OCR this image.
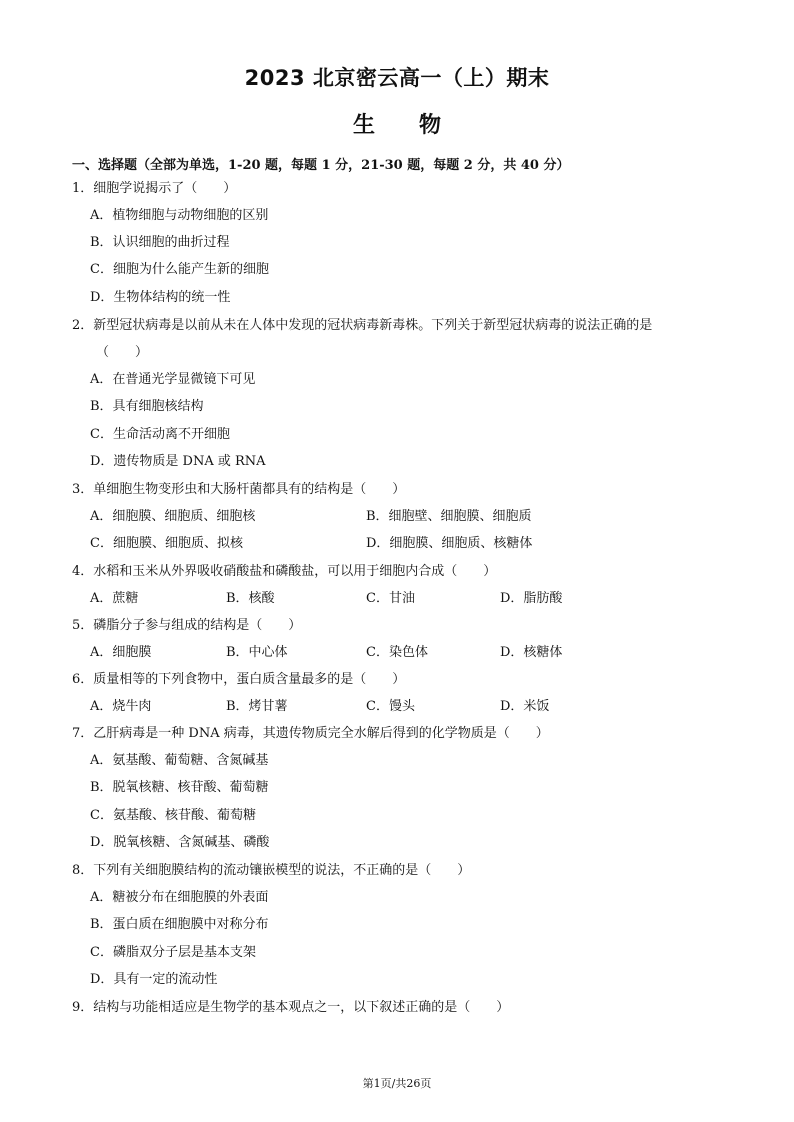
2023 北京密云高一（上）期末
生　　物
一、选择题（全部为单选，1-20 题，每题 1 分，21-30 题，每题 2 分，共 40 分）
1．细胞学说揭示了（　　）
A．植物细胞与动物细胞的区别
B．认识细胞的曲折过程
C．细胞为什么能产生新的细胞
D．生物体结构的统一性
2．新型冠状病毒是以前从未在人体中发现的冠状病毒新毒株。下列关于新型冠状病毒的说法正确的是
（　　）
A．在普通光学显微镜下可见
B．具有细胞核结构
C．生命活动离不开细胞
D．遗传物质是 DNA 或 RNA
3．单细胞生物变形虫和大肠杆菌都具有的结构是（　　）
A．细胞膜、细胞质、细胞核	B．细胞壁、细胞膜、细胞质
C．细胞膜、细胞质、拟核	D．细胞膜、细胞质、核糖体
4．水稻和玉米从外界吸收硝酸盐和磷酸盐，可以用于细胞内合成（　　）
A．蔗糖	B．核酸	C．甘油	D．脂肪酸
5．磷脂分子参与组成的结构是（　　）
A．细胞膜	B．中心体	C．染色体	D．核糖体
6．质量相等的下列食物中，蛋白质含量最多的是（　　）
A．烧牛肉	B．烤甘薯	C．馒头	D．米饭
7．乙肝病毒是一种 DNA 病毒，其遗传物质完全水解后得到的化学物质是（　　）
A．氨基酸、葡萄糖、含氮碱基
B．脱氧核糖、核苷酸、葡萄糖
C．氨基酸、核苷酸、葡萄糖
D．脱氧核糖、含氮碱基、磷酸
8．下列有关细胞膜结构的流动镶嵌模型的说法，不正确的是（　　）
A．糖被分布在细胞膜的外表面
B．蛋白质在细胞膜中对称分布
C．磷脂双分子层是基本支架
D．具有一定的流动性
9．结构与功能相适应是生物学的基本观点之一，以下叙述正确的是（　　）
第1页/共26页
